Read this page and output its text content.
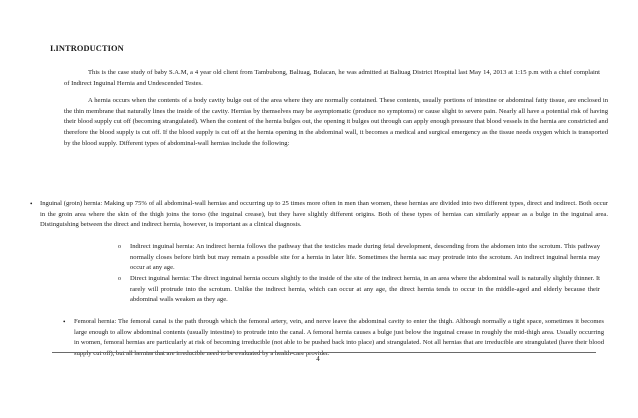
I.INTRODUCTION

This is the case study of baby S.A.M, a 4 year old client from Tambubong, Baliuag, Bulacan, he was admitted at Baliuag District Hospital last May 14, 2013 at 1:15 p.m with a chief complaint of Indirect Inguinal Hernia and Undescended Testes.

A hernia occurs when the contents of a body cavity bulge out of the area where they are normally contained. These contents, usually portions of intestine or abdominal fatty tissue, are enclosed in the thin membrane that naturally lines the inside of the cavity. Hernias by themselves may be asymptomatic (produce no symptoms) or cause slight to severe pain. Nearly all have a potential risk of having their blood supply cut off (becoming strangulated). When the content of the hernia bulges out, the opening it bulges out through can apply enough pressure that blood vessels in the hernia are constricted and therefore the blood supply is cut off. If the blood supply is cut off at the hernia opening in the abdominal wall, it becomes a medical and surgical emergency as the tissue needs oxygen which is transported by the blood supply. Different types of abdominal-wall hernias include the following:

• Inguinal (groin) hernia: Making up 75% of all abdominal-wall hernias and occurring up to 25 times more often in men than women, these hernias are divided into two different types, direct and indirect. Both occur in the groin area where the skin of the thigh joins the torso (the inguinal crease), but they have slightly different origins. Both of these types of hernias can similarly appear as a bulge in the inguinal area. Distinguishing between the direct and indirect hernia, however, is important as a clinical diagnosis.

o Indirect inguinal hernia: An indirect hernia follows the pathway that the testicles made during fetal development, descending from the abdomen into the scrotum. This pathway normally closes before birth but may remain a possible site for a hernia in later life. Sometimes the hernia sac may protrude into the scrotum. An indirect inguinal hernia may occur at any age.

o Direct inguinal hernia: The direct inguinal hernia occurs slightly to the inside of the site of the indirect hernia, in an area where the abdominal wall is naturally slightly thinner. It rarely will protrude into the scrotum. Unlike the indirect hernia, which can occur at any age, the direct hernia tends to occur in the middle-aged and elderly because their abdominal walls weaken as they age.

• Femoral hernia: The femoral canal is the path through which the femoral artery, vein, and nerve leave the abdominal cavity to enter the thigh. Although normally a tight space, sometimes it becomes large enough to allow abdominal contents (usually intestine) to protrude into the canal. A femoral hernia causes a bulge just below the inguinal crease in roughly the mid-thigh area. Usually occurring in women, femoral hernias are particularly at risk of becoming irreducible (not able to be pushed back into place) and strangulated. Not all hernias that are irreducible are strangulated (have their blood supply cut off), but all hernias that are irreducible need to be evaluated by a health-care provider.

4
